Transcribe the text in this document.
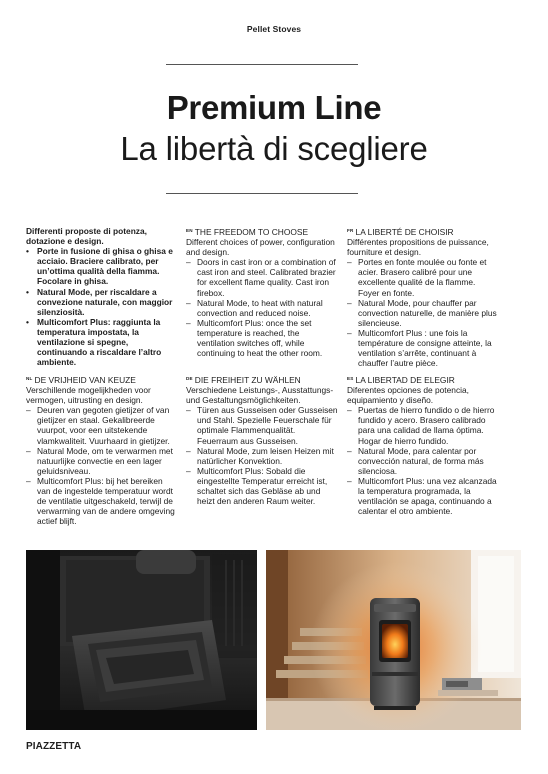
Pellet Stoves
Premium Line
La libertà di scegliere
Differenti proposte di potenza, dotazione e design.
• Porte in fusione di ghisa o ghisa e acciaio. Braciere calibrato, per un’ottima qualità della fiamma. Focolare in ghisa.
• Natural Mode, per riscaldare a convezione naturale, con maggior silenziosità.
• Multicomfort Plus: raggiunta la temperatura impostata, la ventilazione si spegne, continuando a riscaldare l’altro ambiente.
$^{EN}$ THE FREEDOM TO CHOOSE
Different choices of power, configuration and design.
– Doors in cast iron or a combination of cast iron and steel. Calibrated brazier for excellent flame quality. Cast iron firebox.
– Natural Mode, to heat with natural convection and reduced noise.
– Multicomfort Plus: once the set temperature is reached, the ventilation switches off, while continuing to heat the other room.
$^{FR}$ LA LIBERTÉ DE CHOISIR
Différentes propositions de puissance, fourniture et design.
– Portes en fonte moulée ou fonte et acier. Brasero calibré pour une excellente qualité de la flamme. Foyer en fonte.
– Natural Mode, pour chauffer par convection naturelle, de manière plus silencieuse.
– Multicomfort Plus : une fois la température de consigne atteinte, la ventilation s’arrête, continuant à chauffer l’autre pièce.
$^{NL}$ DE VRIJHEID VAN KEUZE
Verschillende mogelijkheden voor vermogen, uitrusting en design.
– Deuren van gegoten gietijzer of van gietijzer en staal. Gekalibreerde vuurpot, voor een uitstekende vlamkwaliteit. Vuurhaard in gietijzer.
– Natural Mode, om te verwarmen met natuurlijke convectie en een lager geluidsniveau.
– Multicomfort Plus: bij het bereiken van de ingestelde temperatuur wordt de ventilatie uitgeschakeld, terwijl de verwarming van de andere omgeving actief blijft.
$^{DE}$ DIE FREIHEIT ZU WÄHLEN
Verschiedene Leistungs-, Ausstattungs- und Gestaltungsmöglichkeiten.
– Türen aus Gusseisen oder Gusseisen und Stahl. Spezielle Feuerschale für optimale Flammenqualität. Feuerraum aus Gusseisen.
– Natural Mode, zum leisen Heizen mit natürlicher Konvektion.
– Multicomfort Plus: Sobald die eingestellte Temperatur erreicht ist, schaltet sich das Gebläse ab und heizt den anderen Raum weiter.
$^{ES}$ LA LIBERTAD DE ELEGIR
Diferentes opciones de potencia, equipamiento y diseño.
– Puertas de hierro fundido o de hierro fundido y acero. Brasero calibrado para una calidad de llama óptima. Hogar de hierro fundido.
– Natural Mode, para calentar por convección natural, de forma más silenciosa.
– Multicomfort Plus: una vez alcanzada la temperatura programada, la ventilación se apaga, continuando a calentar el otro ambiente.
PIAZZETTA
